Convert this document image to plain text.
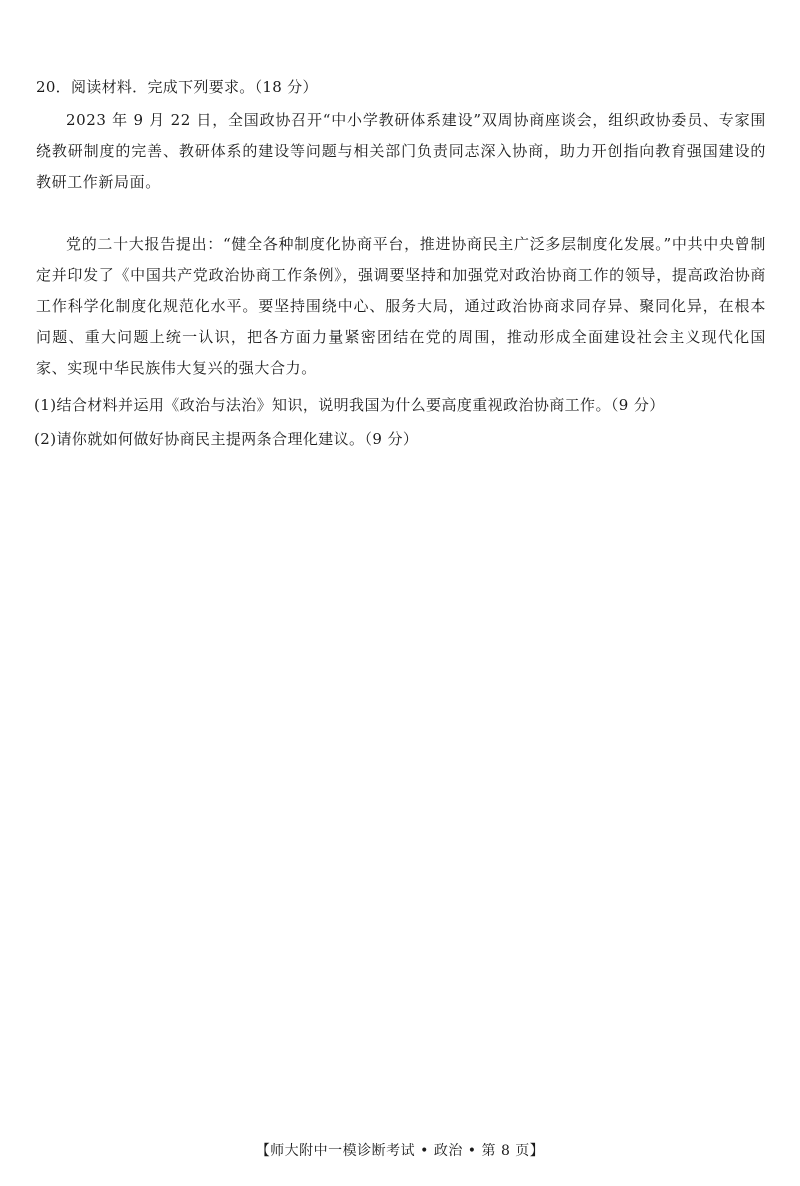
20．阅读材料．完成下列要求。（18 分）

2023 年 9 月 22 日，全国政协召开“中小学教研体系建设”双周协商座谈会，组织政协委员、专家围绕教研制度的完善、教研体系的建设等问题与相关部门负责同志深入协商，助力开创指向教育强国建设的教研工作新局面。

党的二十大报告提出：“健全各种制度化协商平台，推进协商民主广泛多层制度化发展。”中共中央曾制定并印发了《中国共产党政治协商工作条例》，强调要坚持和加强党对政治协商工作的领导，提高政治协商工作科学化制度化规范化水平。要坚持围绕中心、服务大局，通过政治协商求同存异、聚同化异，在根本问题、重大问题上统一认识，把各方面力量紧密团结在党的周围，推动形成全面建设社会主义现代化国家、实现中华民族伟大复兴的强大合力。

(1)结合材料并运用《政治与法治》知识，说明我国为什么要高度重视政治协商工作。（9 分）
(2)请你就如何做好协商民主提两条合理化建议。（9 分）
【师大附中一模诊断考试 • 政治 • 第 8 页】
